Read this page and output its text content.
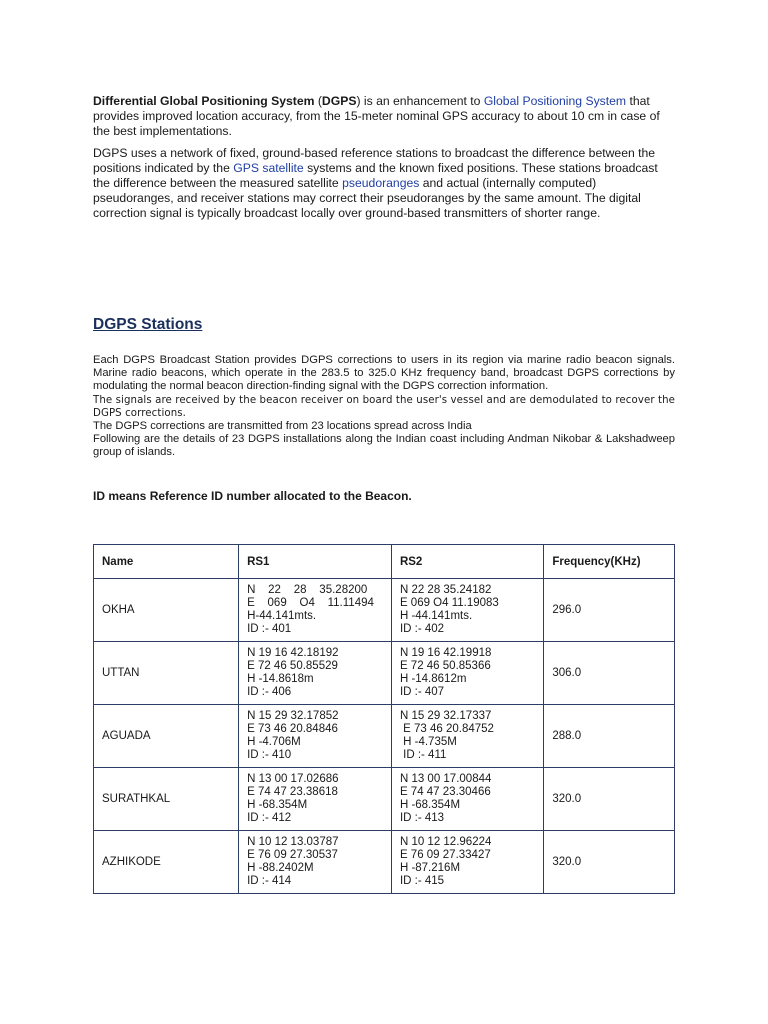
Differential Global Positioning System (DGPS) is an enhancement to Global Positioning System that provides improved location accuracy, from the 15-meter nominal GPS accuracy to about 10 cm in case of the best implementations.

DGPS uses a network of fixed, ground-based reference stations to broadcast the difference between the positions indicated by the GPS satellite systems and the known fixed positions. These stations broadcast the difference between the measured satellite pseudoranges and actual (internally computed) pseudoranges, and receiver stations may correct their pseudoranges by the same amount. The digital correction signal is typically broadcast locally over ground-based transmitters of shorter range.

DGPS Stations

Each DGPS Broadcast Station provides DGPS corrections to users in its region via marine radio beacon signals. Marine radio beacons, which operate in the 283.5 to 325.0 KHz frequency band, broadcast DGPS corrections by modulating the normal beacon direction-finding signal with the DGPS correction information.

The signals are received by the beacon receiver on board the user's vessel and are demodulated to recover the DGPS corrections.

The DGPS corrections are transmitted from 23 locations spread across India

Following are the details of 23 DGPS installations along the Indian coast including Andman Nikobar & Lakshadweep group of islands.

ID means Reference ID number allocated to the Beacon.

Name	RS1	RS2	Frequency(KHz)
OKHA	N    22    28    35.28200
E    069    O4    11.11494
H-44.141mts.
ID :- 401	N 22 28 35.24182
E 069 O4 11.19083
H -44.141mts.
ID :- 402	296.0
UTTAN	N 19 16 42.18192
E 72 46 50.85529
H -14.8618m
ID :- 406	N 19 16 42.19918
E 72 46 50.85366
H -14.8612m
ID :- 407	306.0
AGUADA	N 15 29 32.17852
E 73 46 20.84846
H -4.706M
ID :- 410	N 15 29 32.17337
E 73 46 20.84752
H -4.735M
ID :- 411	288.0
SURATHKAL	N 13 00 17.02686
E 74 47 23.38618
H -68.354M
ID :- 412	N 13 00 17.00844
E 74 47 23.30466
H -68.354M
ID :- 413	320.0
AZHIKODE	N 10 12 13.03787
E 76 09 27.30537
H -88.2402M
ID :- 414	N 10 12 12.96224
E 76 09 27.33427
H -87.216M
ID :- 415	320.0
